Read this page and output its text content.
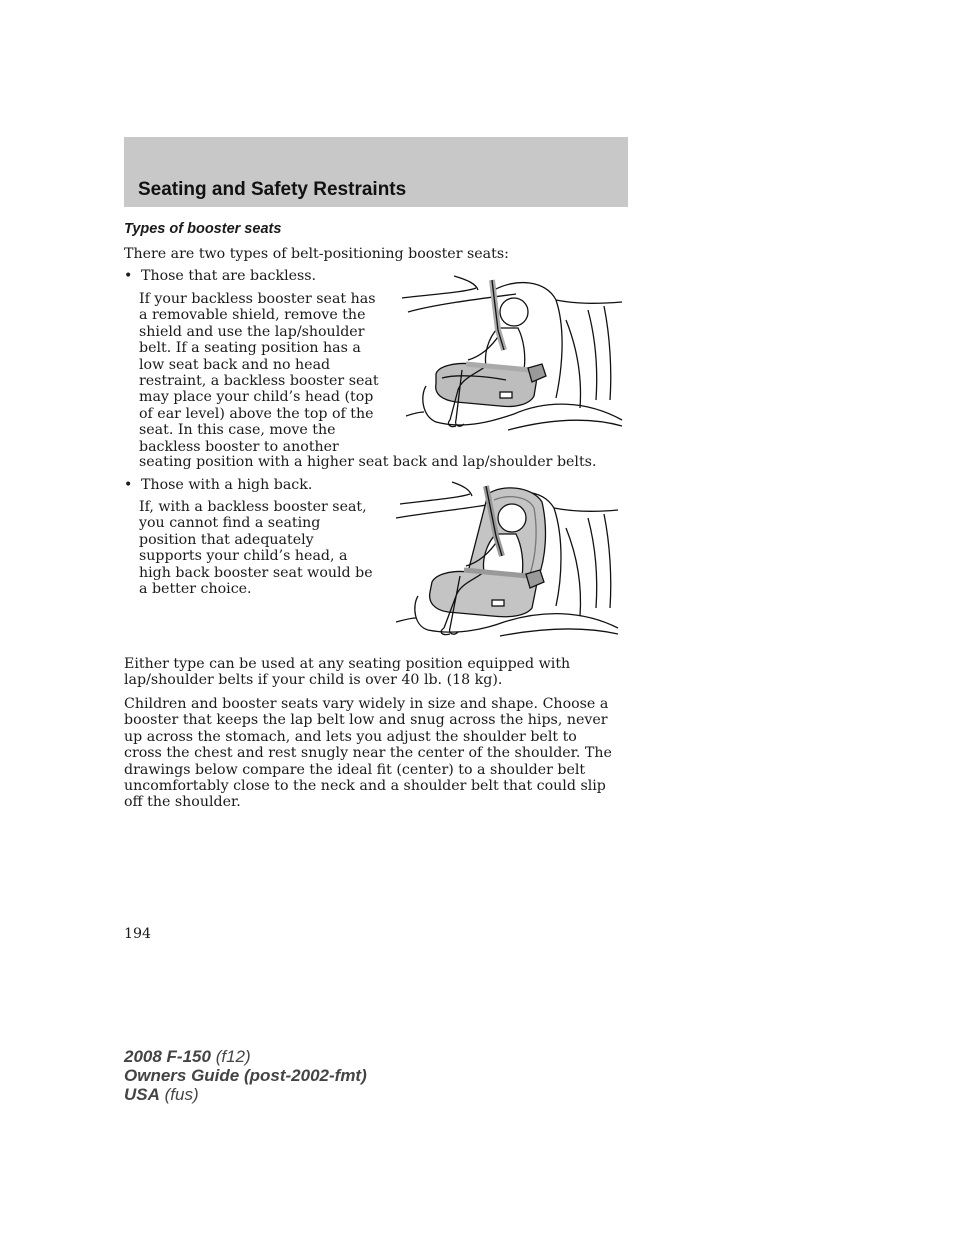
Seating and Safety Restraints
Types of booster seats

There are two types of belt-positioning booster seats:

• Those that are backless.

If your backless booster seat has a removable shield, remove the shield and use the lap/shoulder belt. If a seating position has a low seat back and no head restraint, a backless booster seat may place your child’s head (top of ear level) above the top of the seat. In this case, move the backless booster to another

seating position with a higher seat back and lap/shoulder belts.

• Those with a high back.

If, with a backless booster seat, you cannot find a seating position that adequately supports your child’s head, a high back booster seat would be a better choice.

Either type can be used at any seating position equipped with lap/shoulder belts if your child is over 40 lb. (18 kg).

Children and booster seats vary widely in size and shape. Choose a booster that keeps the lap belt low and snug across the hips, never up across the stomach, and lets you adjust the shoulder belt to cross the chest and rest snugly near the center of the shoulder. The drawings below compare the ideal fit (center) to a shoulder belt uncomfortably close to the neck and a shoulder belt that could slip off the shoulder.

194
2008 F-150 (f12)
Owners Guide (post-2002-fmt)
USA (fus)
